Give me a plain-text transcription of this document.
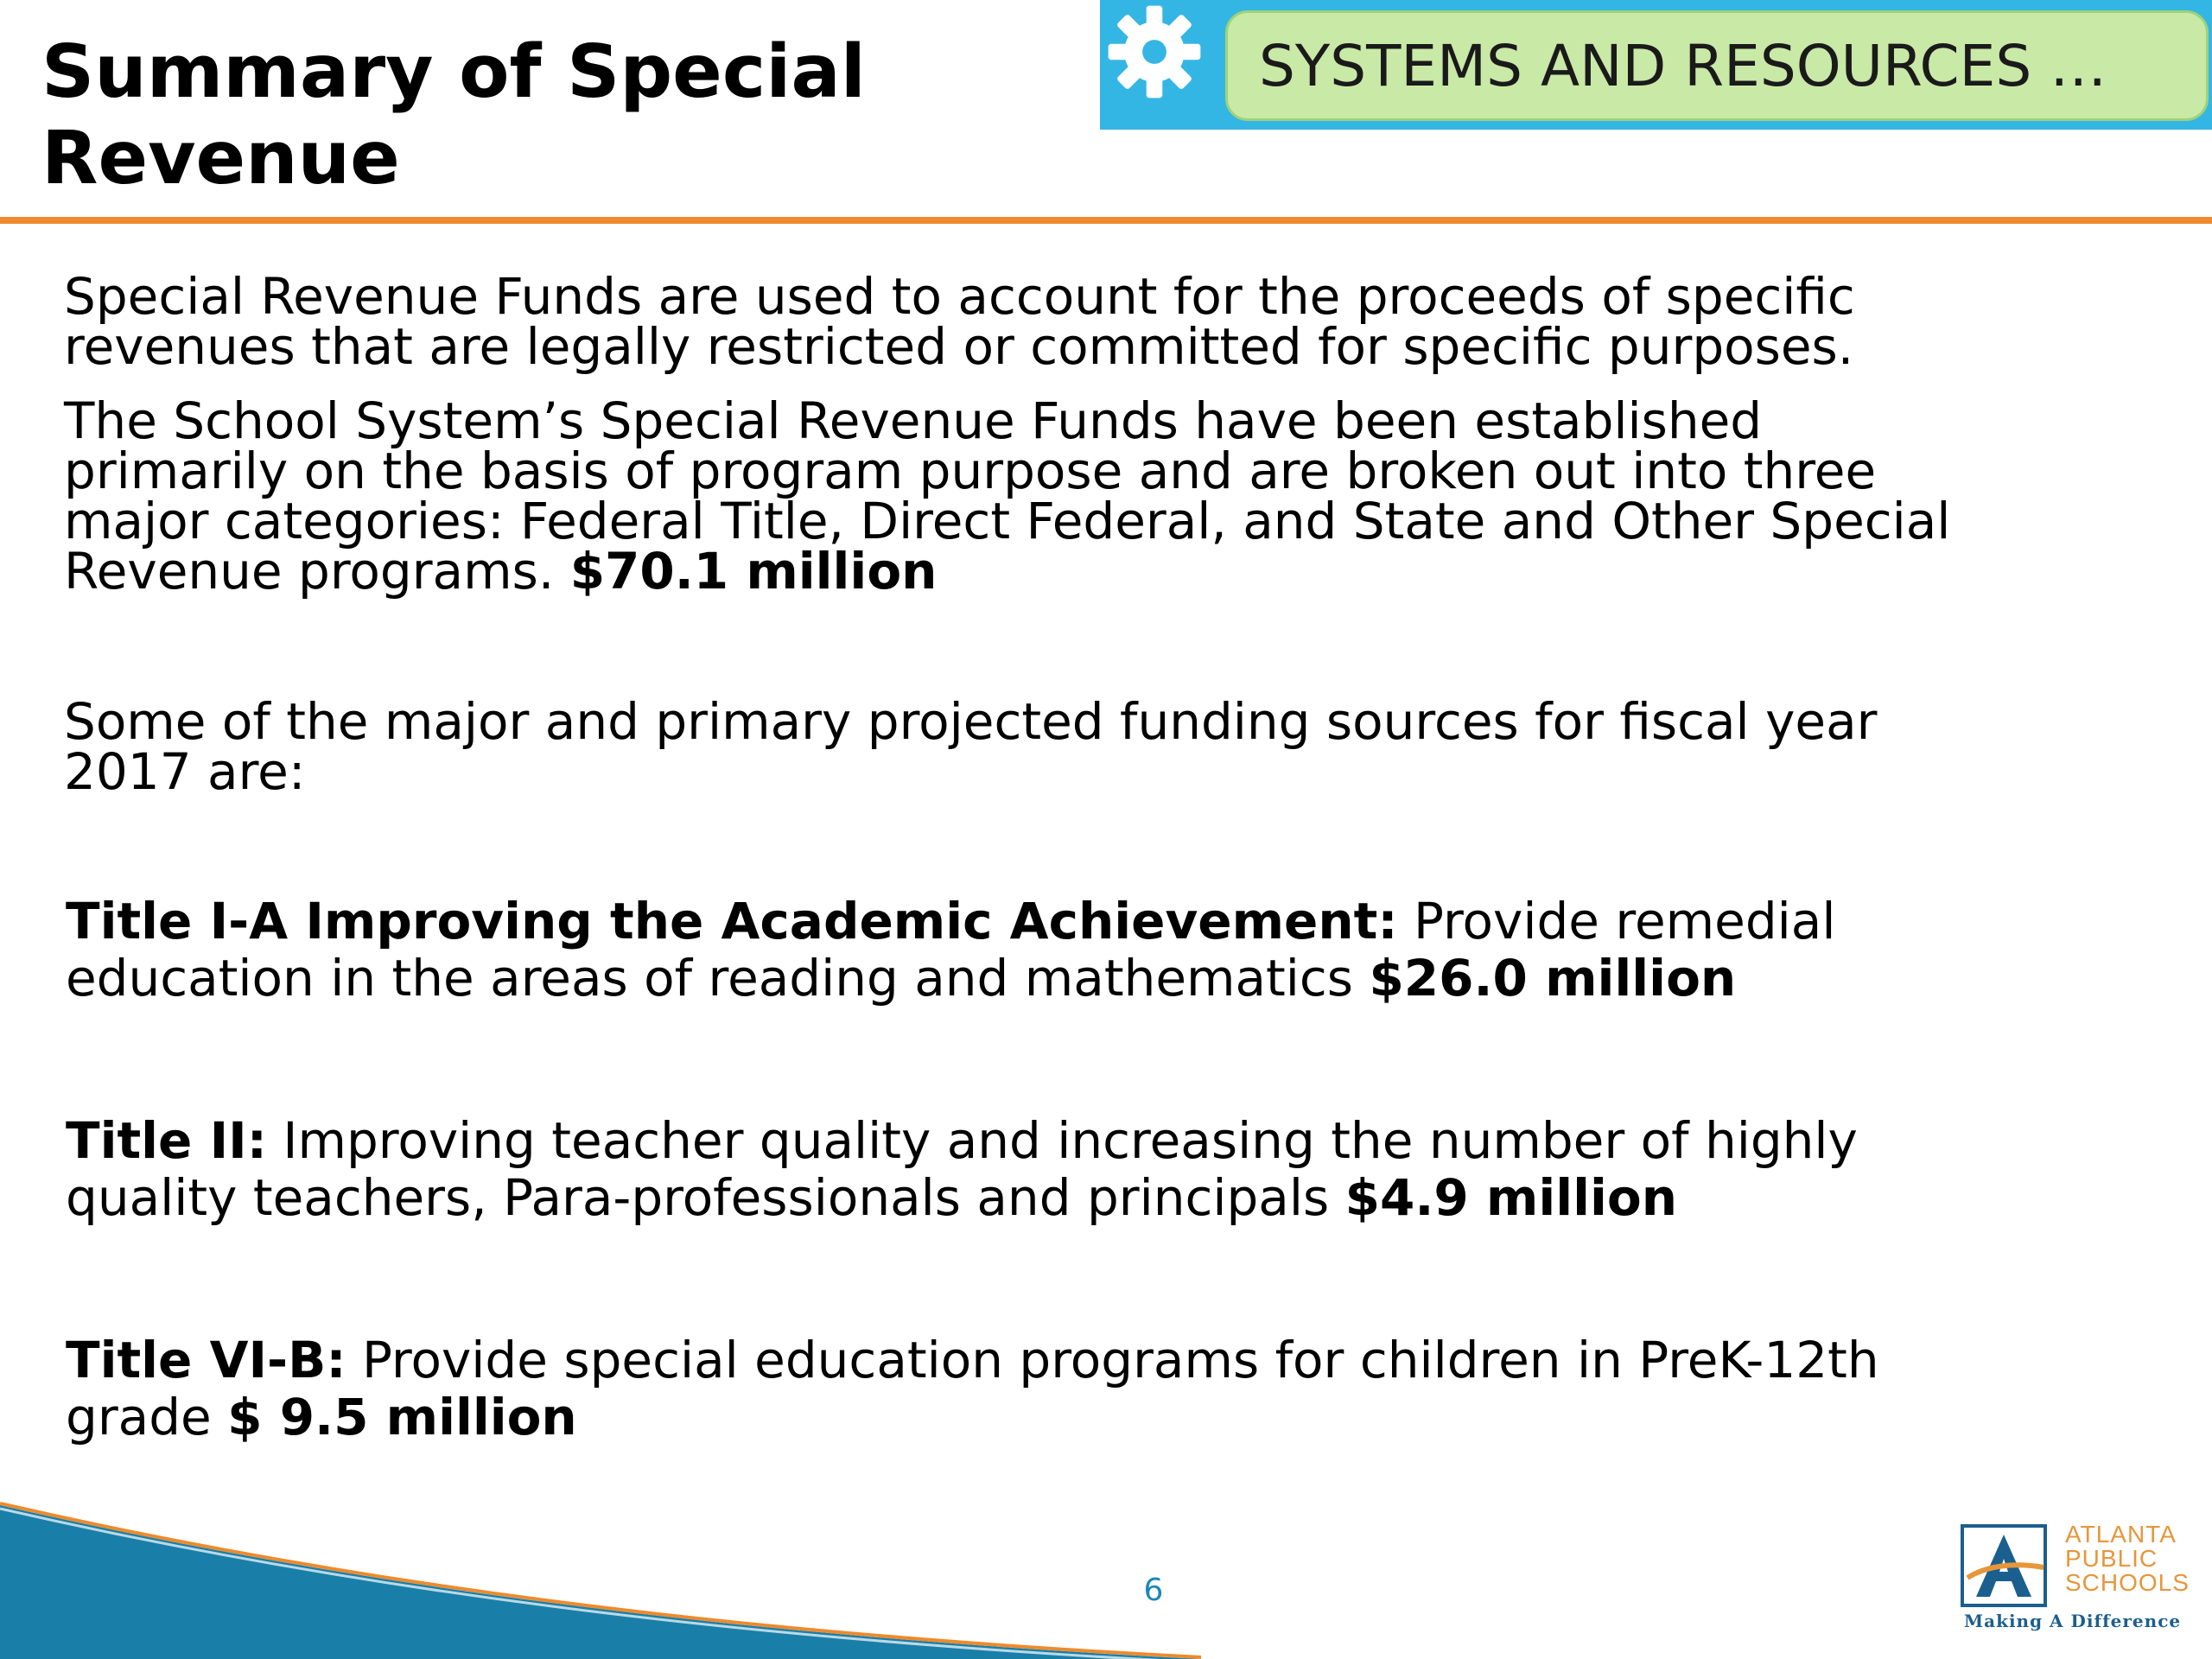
Summary of Special Revenue
SYSTEMS AND RESOURCES …
Special Revenue Funds are used to account for the proceeds of specific
revenues that are legally restricted or committed for specific purposes.
The School System’s Special Revenue Funds have been established
primarily on the basis of program purpose and are broken out into three
major categories: Federal Title, Direct Federal, and State and Other Special
Revenue programs. $70.1 million
Some of the major and primary projected funding sources for fiscal year
2017 are:
Title I-A Improving the Academic Achievement: Provide remedial
education in the areas of reading and mathematics $26.0 million
Title II: Improving teacher quality and increasing the number of highly
quality teachers, Para-professionals and principals $4.9 million
Title VI-B: Provide special education programs for children in PreK-12th
grade $ 9.5 million
6
ATLANTA
PUBLIC
SCHOOLS
Making A Difference
